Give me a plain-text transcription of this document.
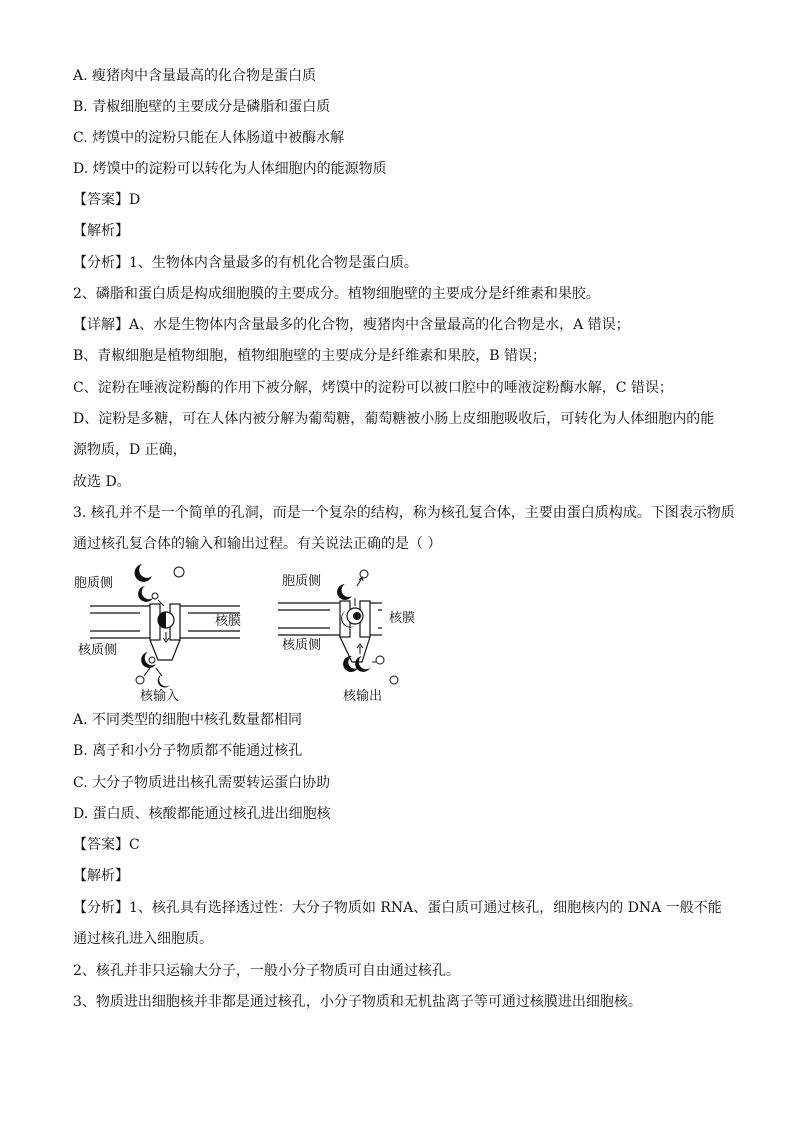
A. 瘦猪肉中含量最高的化合物是蛋白质
B. 青椒细胞壁的主要成分是磷脂和蛋白质
C. 烤馍中的淀粉只能在人体肠道中被酶水解
D. 烤馍中的淀粉可以转化为人体细胞内的能源物质
【答案】D
【解析】
【分析】1、生物体内含量最多的有机化合物是蛋白质。
2、磷脂和蛋白质是构成细胞膜的主要成分。植物细胞壁的主要成分是纤维素和果胶。
【详解】A、水是生物体内含量最多的化合物，瘦猪肉中含量最高的化合物是水，A 错误；
B、青椒细胞是植物细胞，植物细胞壁的主要成分是纤维素和果胶，B 错误；
C、淀粉在唾液淀粉酶的作用下被分解，烤馍中的淀粉可以被口腔中的唾液淀粉酶水解，C 错误；
D、淀粉是多糖，可在人体内被分解为葡萄糖，葡萄糖被小肠上皮细胞吸收后，可转化为人体细胞内的能
源物质，D 正确，
故选 D。
3. 核孔并不是一个简单的孔洞，而是一个复杂的结构，称为核孔复合体，主要由蛋白质构成。下图表示物质
通过核孔复合体的输入和输出过程。有关说法正确的是（ ）
胞质侧
核质侧
核膜
核输入
胞质侧
核质侧
核膜
核输出
A. 不同类型的细胞中核孔数量都相同
B. 离子和小分子物质都不能通过核孔
C. 大分子物质进出核孔需要转运蛋白协助
D. 蛋白质、核酸都能通过核孔进出细胞核
【答案】C
【解析】
【分析】1、核孔具有选择透过性：大分子物质如 RNA、蛋白质可通过核孔，细胞核内的 DNA 一般不能
通过核孔进入细胞质。
2、核孔并非只运输大分子，一般小分子物质可自由通过核孔。
3、物质进出细胞核并非都是通过核孔，小分子物质和无机盐离子等可通过核膜进出细胞核。
